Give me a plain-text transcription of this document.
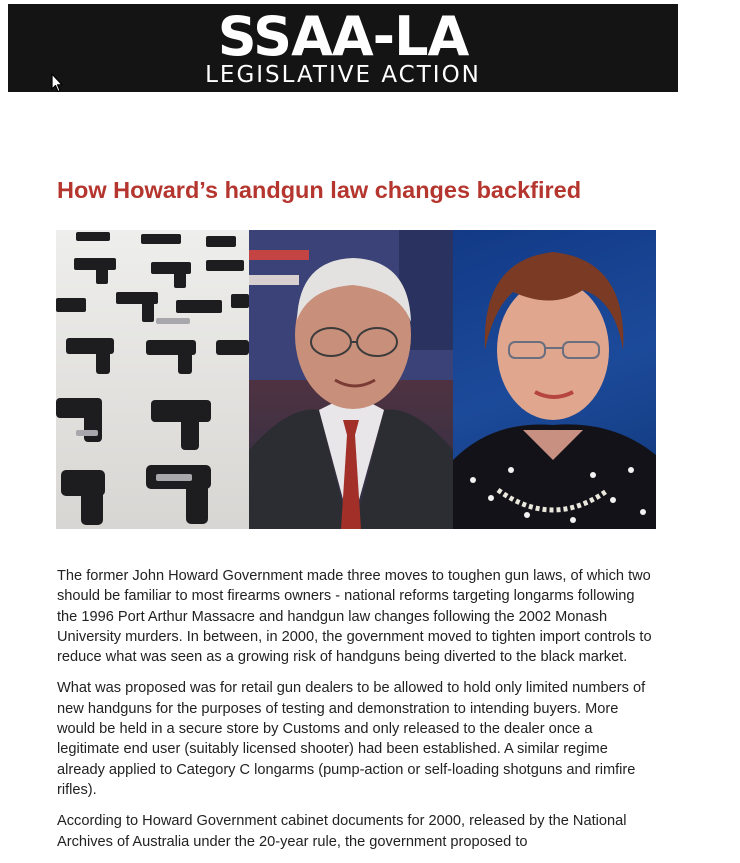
SSAA-LA
LEGISLATIVE ACTION
How Howard’s handgun law changes backfired

The former John Howard Government made three moves to toughen gun laws, of which two should be familiar to most firearms owners - national reforms targeting longarms following the 1996 Port Arthur Massacre and handgun law changes following the 2002 Monash University murders. In between, in 2000, the government moved to tighten import controls to reduce what was seen as a growing risk of handguns being diverted to the black market.

What was proposed was for retail gun dealers to be allowed to hold only limited numbers of new handguns for the purposes of testing and demonstration to intending buyers. More would be held in a secure store by Customs and only released to the dealer once a legitimate end user (suitably licensed shooter) had been established. A similar regime already applied to Category C longarms (pump-action or self-loading shotguns and rimfire rifles).

According to Howard Government cabinet documents for 2000, released by the National Archives of Australia under the 20-year rule, the government proposed to
